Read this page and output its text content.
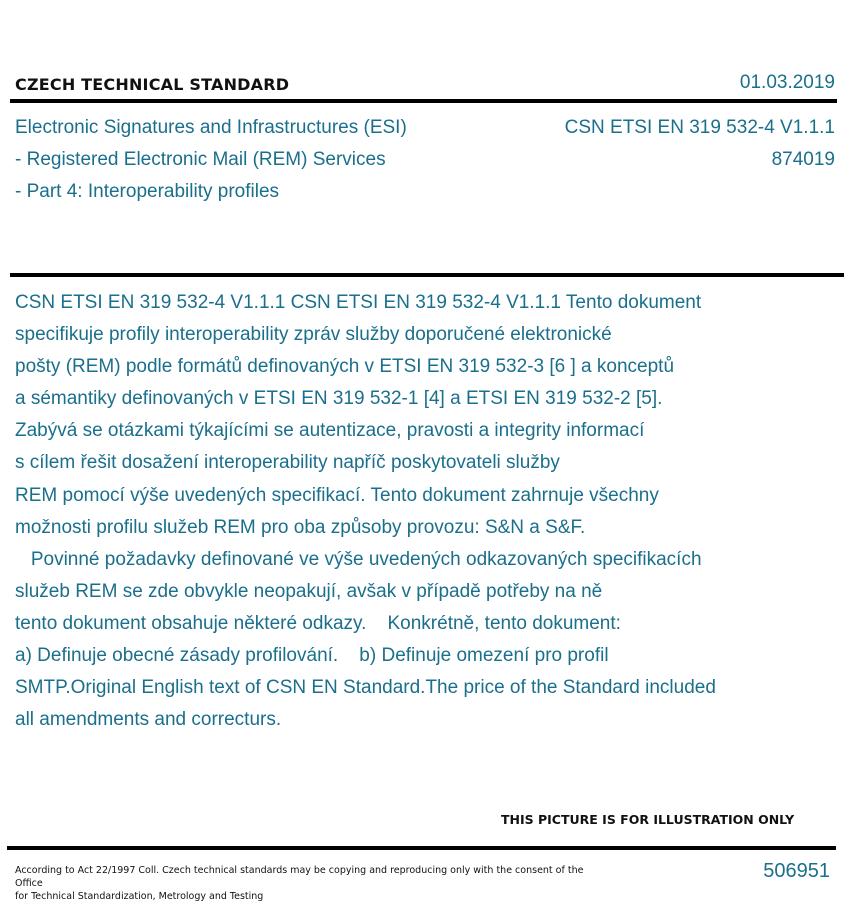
CZECH TECHNICAL STANDARD	01.03.2019
Electronic Signatures and Infrastructures (ESI)
- Registered Electronic Mail (REM) Services
- Part 4: Interoperability profiles
CSN ETSI EN 319 532-4 V1.1.1
874019

CSN ETSI EN 319 532-4 V1.1.1 CSN ETSI EN 319 532-4 V1.1.1 Tento dokument

specifikuje profily interoperability zpráv služby doporučené elektronické

pošty (REM) podle formátů definovaných v ETSI EN 319 532-3 [6 ] a konceptů

a sémantiky definovaných v ETSI EN 319 532-1 [4] a ETSI EN 319 532-2 [5].

Zabývá se otázkami týkajícími se autentizace, pravosti a integrity informací

s cílem řešit dosažení interoperability napříč poskytovateli služby

REM pomocí výše uvedených specifikací. Tento dokument zahrnuje všechny

možnosti profilu služeb REM pro oba způsoby provozu: S&N a S&F.

Povinné požadavky definované ve výše uvedených odkazovaných specifikacích

služeb REM se zde obvykle neopakují, avšak v případě potřeby na ně

tento dokument obsahuje některé odkazy.    Konkrétně, tento dokument:

a) Definuje obecné zásady profilování.    b) Definuje omezení pro profil

SMTP.Original English text of CSN EN Standard.The price of the Standard included

all amendments and correcturs.

THIS PICTURE IS FOR ILLUSTRATION ONLY
According to Act 22/1997 Coll. Czech technical standards may be copying and reproducing only with the consent of the Office
for Technical Standardization, Metrology and Testing
506951
